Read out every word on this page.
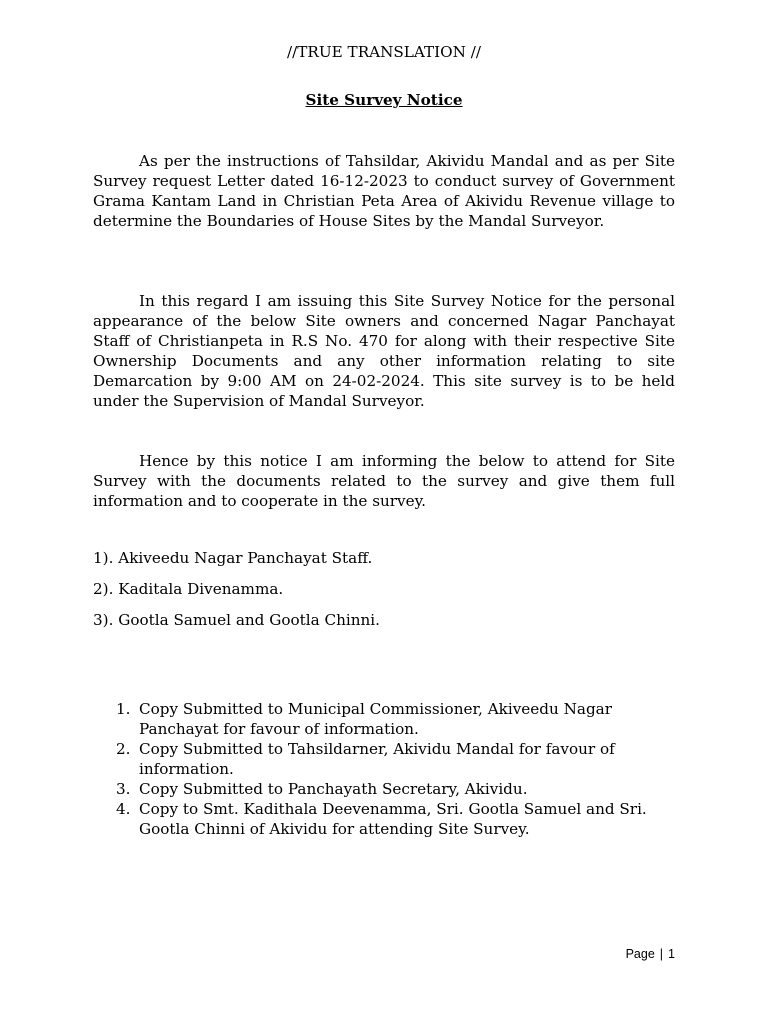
//TRUE TRANSLATION //

Site Survey Notice

As per the instructions of Tahsildar, Akividu Mandal and as per Site Survey request Letter dated 16-12-2023 to conduct survey of Government Grama Kantam Land in Christian Peta Area of Akividu Revenue village to determine the Boundaries of House Sites by the Mandal Surveyor.

In this regard I am issuing this Site Survey Notice for the personal appearance of the below Site owners and concerned Nagar Panchayat Staff of Christianpeta in R.S No. 470 for along with their respective Site Ownership Documents and any other information relating to site Demarcation by 9:00 AM on 24-02-2024. This site survey is to be held under the Supervision of Mandal Surveyor.

Hence by this notice I am informing the below to attend for Site Survey with the documents related to the survey and give them full information and to cooperate in the survey.

1). Akiveedu Nagar Panchayat Staff.
2). Kaditala Divenamma.
3). Gootla Samuel and Gootla Chinni.
1. Copy Submitted to Municipal Commissioner, Akiveedu Nagar Panchayat for favour of information.
2. Copy Submitted to Tahsildarner, Akividu Mandal for favour of information.
3. Copy Submitted to Panchayath Secretary, Akividu.
4. Copy to Smt. Kadithala Deevenamma, Sri. Gootla Samuel and Sri. Gootla Chinni of Akividu for attending Site Survey.
Page | 1
